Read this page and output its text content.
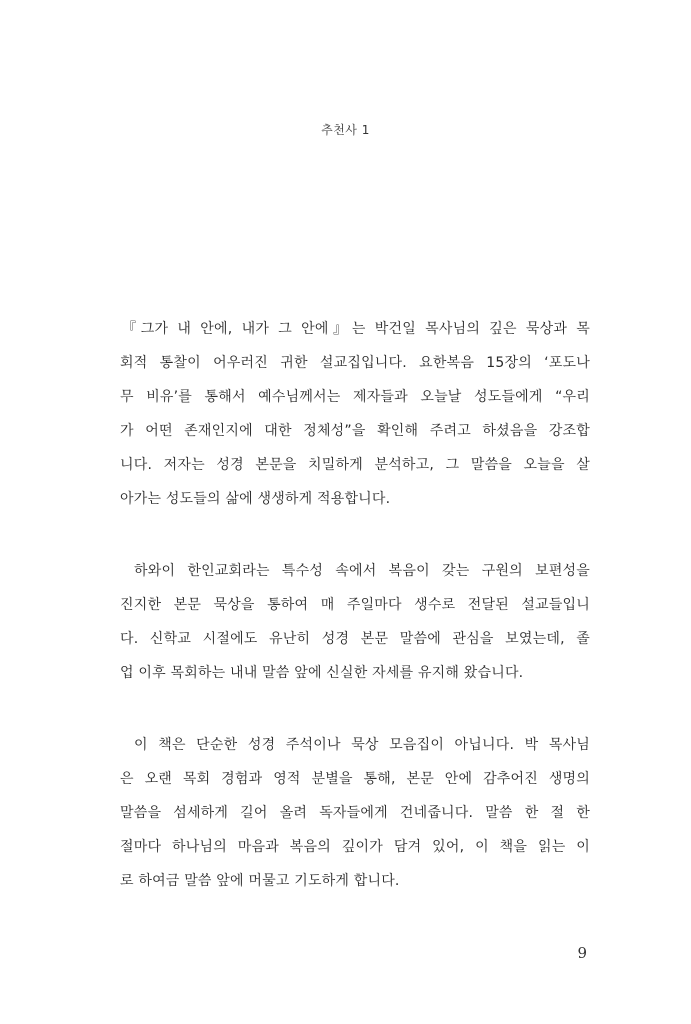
추천사 1
『그가 내 안에, 내가 그 안에』는 박건일 목사님의 깊은 묵상과 목
회적 통찰이 어우러진 귀한 설교집입니다. 요한복음 15장의 ‘포도나
무 비유’를 통해서 예수님께서는 제자들과 오늘날 성도들에게 “우리
가 어떤 존재인지에 대한 정체성”을 확인해 주려고 하셨음을 강조합
니다. 저자는 성경 본문을 치밀하게 분석하고, 그 말씀을 오늘을 살
아가는 성도들의 삶에 생생하게 적용합니다.
하와이 한인교회라는 특수성 속에서 복음이 갖는 구원의 보편성을
진지한 본문 묵상을 통하여 매 주일마다 생수로 전달된 설교들입니
다. 신학교 시절에도 유난히 성경 본문 말씀에 관심을 보였는데, 졸
업 이후 목회하는 내내 말씀 앞에 신실한 자세를 유지해 왔습니다.
이 책은 단순한 성경 주석이나 묵상 모음집이 아닙니다. 박 목사님
은 오랜 목회 경험과 영적 분별을 통해, 본문 안에 감추어진 생명의
말씀을 섬세하게 길어 올려 독자들에게 건네줍니다. 말씀 한 절 한
절마다 하나님의 마음과 복음의 깊이가 담겨 있어, 이 책을 읽는 이
로 하여금 말씀 앞에 머물고 기도하게 합니다.
9
